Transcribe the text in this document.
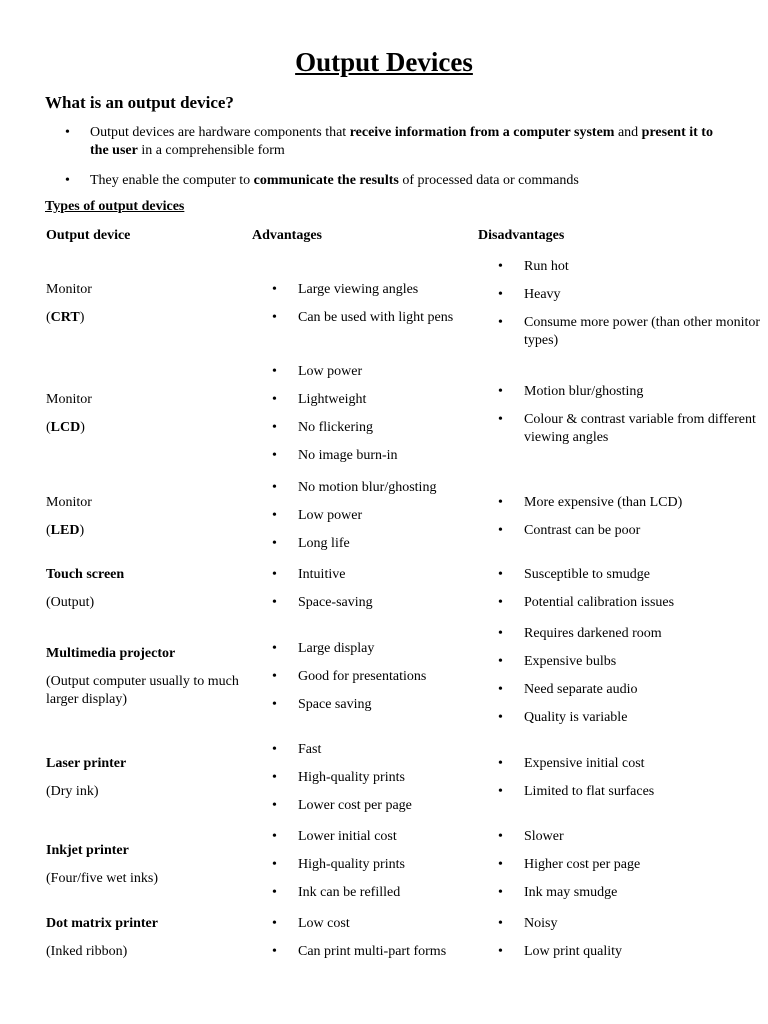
Output Devices
What is an output device?
• Output devices are hardware components that receive information from a computer system and present it to the user in a comprehensible form
• They enable the computer to communicate the results of processed data or commands
Types of output devices
Output device	Advantages	Disadvantages
Monitor
(CRT)
• Large viewing angles
• Can be used with light pens
• Run hot
• Heavy
• Consume more power (than other monitor types)
Monitor
(LCD)
• Low power
• Lightweight
• No flickering
• No image burn-in
• Motion blur/ghosting
• Colour & contrast variable from different viewing angles
Monitor
(LED)
• No motion blur/ghosting
• Low power
• Long life
• More expensive (than LCD)
• Contrast can be poor
Touch screen
(Output)
• Intuitive
• Space-saving
• Susceptible to smudge
• Potential calibration issues
Multimedia projector
(Output computer usually to much larger display)
• Large display
• Good for presentations
• Space saving
• Requires darkened room
• Expensive bulbs
• Need separate audio
• Quality is variable
Laser printer
(Dry ink)
• Fast
• High-quality prints
• Lower cost per page
• Expensive initial cost
• Limited to flat surfaces
Inkjet printer
(Four/five wet inks)
• Lower initial cost
• High-quality prints
• Ink can be refilled
• Slower
• Higher cost per page
• Ink may smudge
Dot matrix printer
(Inked ribbon)
• Low cost
• Can print multi-part forms
• Noisy
• Low print quality
